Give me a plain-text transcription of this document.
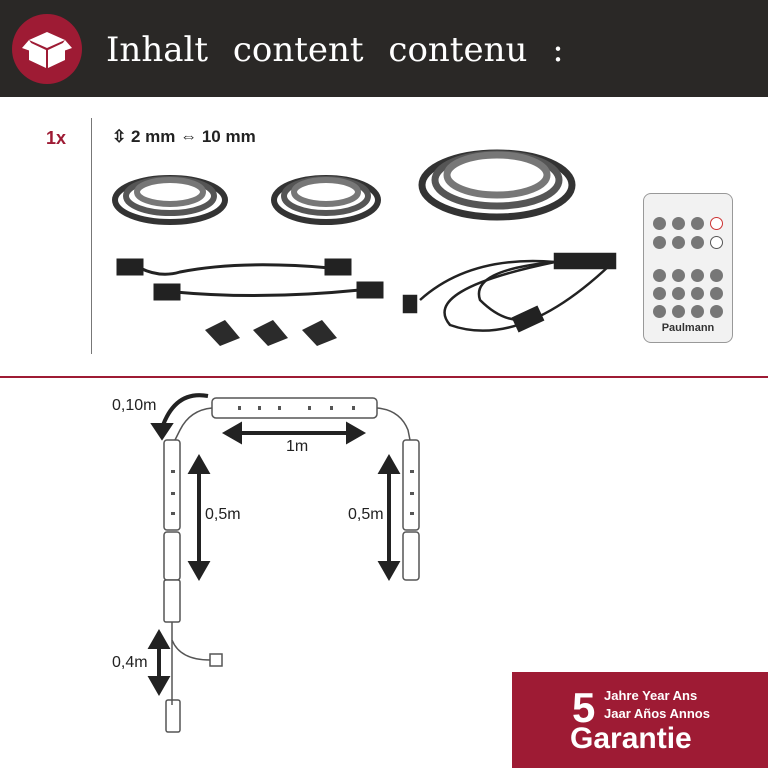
Inhalt content contenu :
1x	⇳ 2 mm ⇔ 10 mm
Paulmann
0,10m
1m
0,5m	0,5m
0,4m
5 Jahre Year Ans
Jaar Años Annos
Garantie
